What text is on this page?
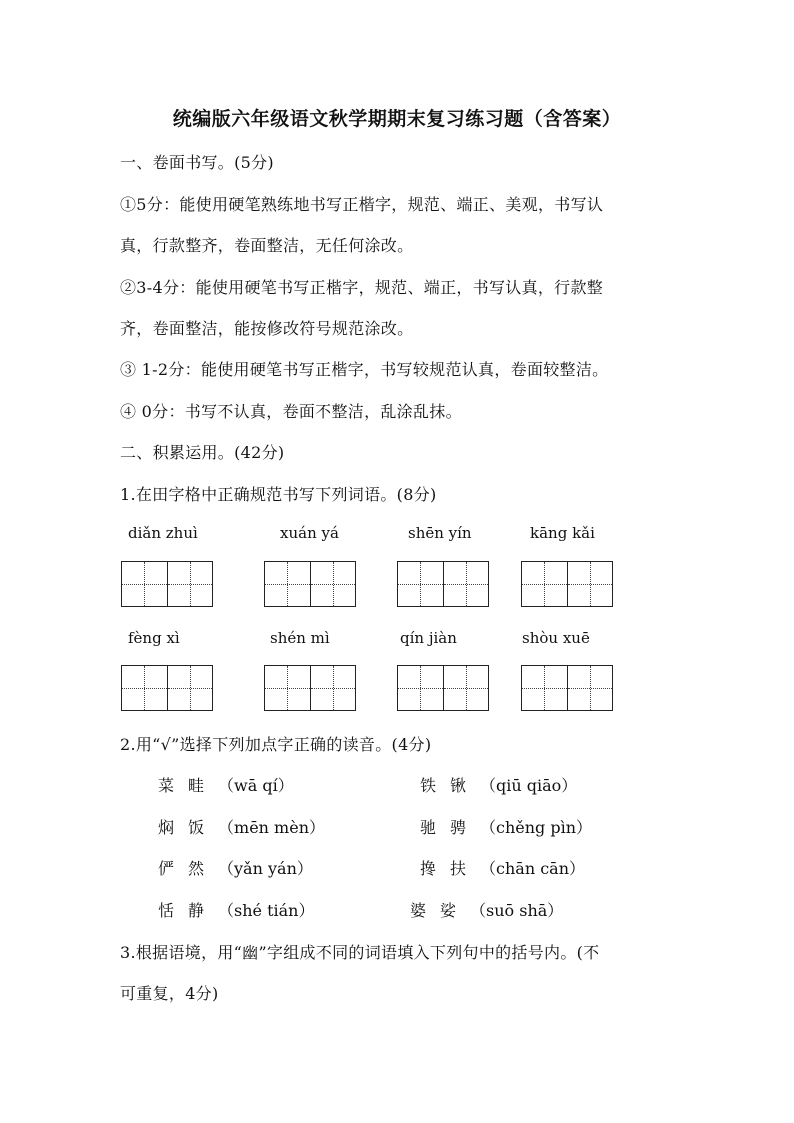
统编版六年级语文秋学期期末复习练习题（含答案）
一、卷面书写。(5分)
①5分：能使用硬笔熟练地书写正楷字，规范、端正、美观，书写认
真，行款整齐，卷面整洁，无任何涂改。
②3-4分：能使用硬笔书写正楷字，规范、端正，书写认真，行款整
齐，卷面整洁，能按修改符号规范涂改。
③ 1-2分：能使用硬笔书写正楷字，书写较规范认真，卷面较整洁。
④ 0分：书写不认真，卷面不整洁，乱涂乱抹。
二、积累运用。(42分)
1.在田字格中正确规范书写下列词语。(8分)
diǎn zhuì	xuán yá	shēn yín	kāng kǎi
fèng xì	shén mì	qín jiàn	shòu xuē
2.用“√”选择下列加点字正确的读音。(4分)
菜畦（wā qí）	铁锹（qiū qiāo）
焖饭（mēn mèn）	驰骋（chěng pìn）
俨然（yǎn yán）	搀扶（chān cān）
恬静（shé tián）	婆娑（suō shā）
3.根据语境，用“幽”字组成不同的词语填入下列句中的括号内。(不
可重复，4分)
